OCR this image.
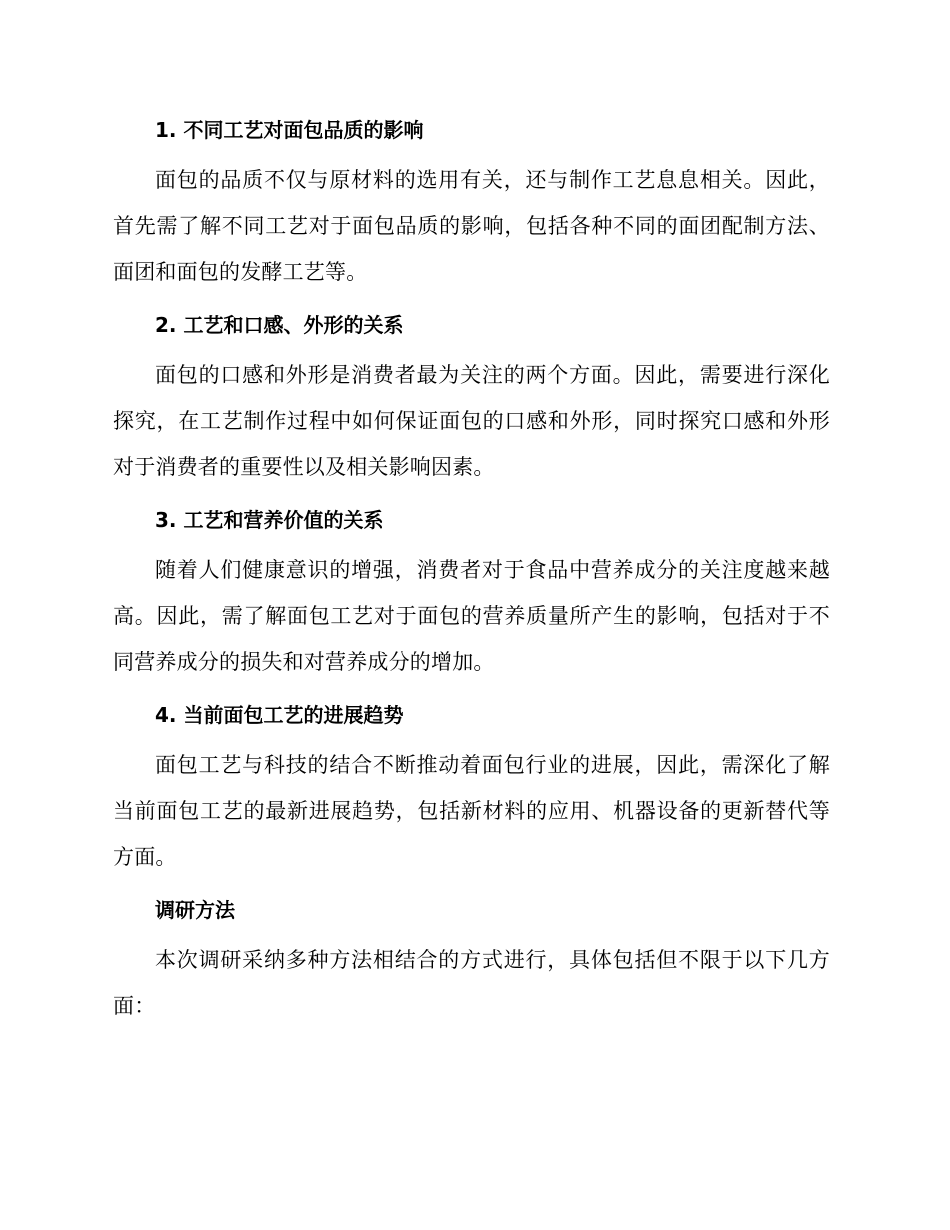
1. 不同工艺对面包品质的影响
面包的品质不仅与原材料的选用有关，还与制作工艺息息相关。因此，
首先需了解不同工艺对于面包品质的影响，包括各种不同的面团配制方法、
面团和面包的发酵工艺等。
2. 工艺和口感、外形的关系
面包的口感和外形是消费者最为关注的两个方面。因此，需要进行深化
探究，在工艺制作过程中如何保证面包的口感和外形，同时探究口感和外形
对于消费者的重要性以及相关影响因素。
3. 工艺和营养价值的关系
随着人们健康意识的增强，消费者对于食品中营养成分的关注度越来越
高。因此，需了解面包工艺对于面包的营养质量所产生的影响，包括对于不
同营养成分的损失和对营养成分的增加。
4. 当前面包工艺的进展趋势
面包工艺与科技的结合不断推动着面包行业的进展，因此，需深化了解
当前面包工艺的最新进展趋势，包括新材料的应用、机器设备的更新替代等
方面。
调研方法
本次调研采纳多种方法相结合的方式进行，具体包括但不限于以下几方
面：
